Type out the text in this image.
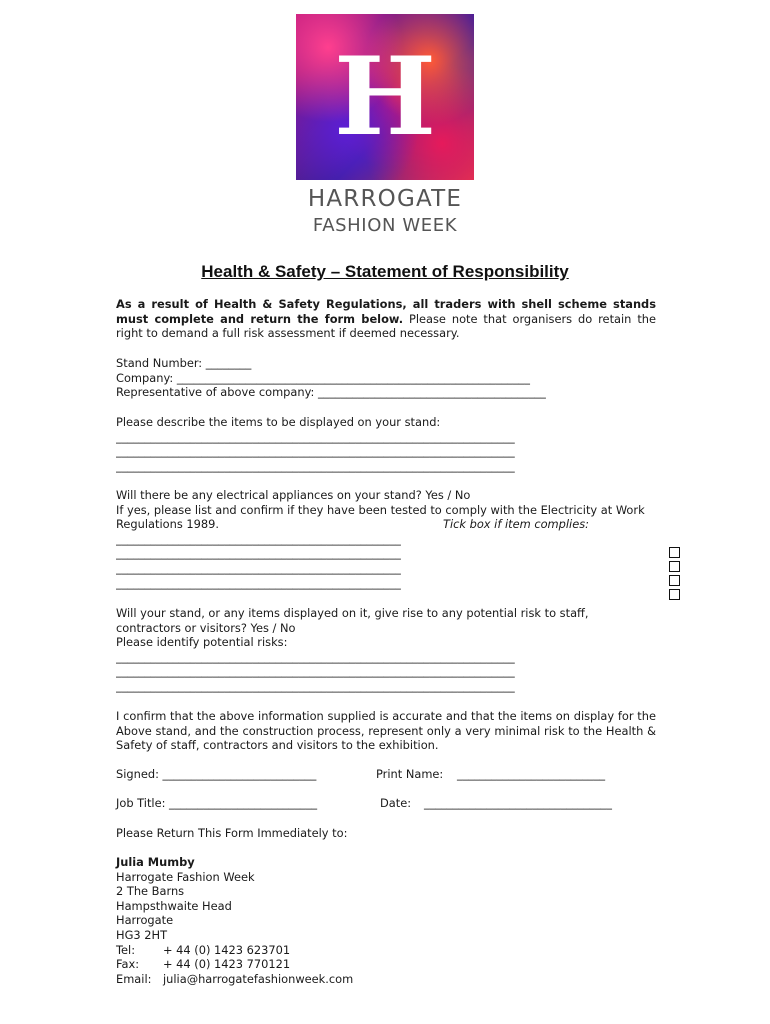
H
HARROGATE
FASHION WEEK
Health & Safety – Statement of Responsibility
As a result of Health & Safety Regulations, all traders with shell scheme stands must complete and return the form below. Please note that organisers do retain the right to demand a full risk assessment if deemed necessary.
Stand Number: ________
Company: ______________________________________________________________
Representative of above company: ________________________________________
Please describe the items to be displayed on your stand:
______________________________________________________________________
______________________________________________________________________
______________________________________________________________________
Will there be any electrical appliances on your stand? Yes / No
If yes, please list and confirm if they have been tested to comply with the Electricity at Work
Regulations 1989.	Tick box if item complies:
__________________________________________________
__________________________________________________
__________________________________________________
__________________________________________________
Will your stand, or any items displayed on it, give rise to any potential risk to staff,
contractors or visitors? Yes / No
Please identify potential risks:
______________________________________________________________________
______________________________________________________________________
______________________________________________________________________
I confirm that the above information supplied is accurate and that the items on display for the Above stand, and the construction process, represent only a very minimal risk to the Health & Safety of staff, contractors and visitors to the exhibition.
Signed: ___________________________	Print Name: __________________________
Job Title: __________________________	Date: _________________________________
Please Return This Form Immediately to:
Julia Mumby
Harrogate Fashion Week
2 The Barns
Hampsthwaite Head
Harrogate
HG3 2HT
Tel: + 44 (0) 1423 623701
Fax: + 44 (0) 1423 770121
Email: julia@harrogatefashionweek.com
